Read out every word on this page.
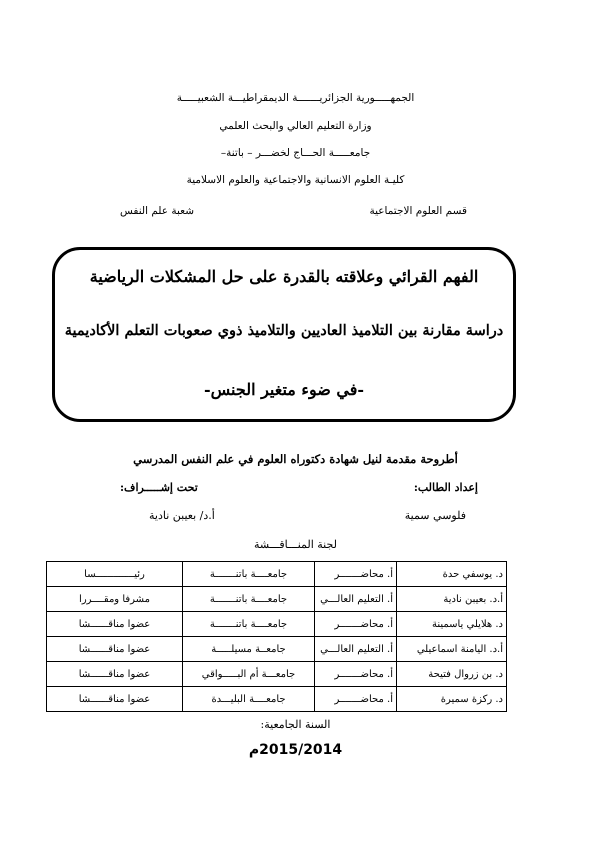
الجمهـــــورية الجزائريـــــــة الديمقراطيـــة الشعبيـــــة
وزارة التعليم العالي والبحث العلمي
جامعـــــة الحـــاج لخضـــر – باتنة–
كليـة العلوم الانسانية والاجتماعية والعلوم الاسلامية
قسم العلوم الاجتماعية
شعبة علم النفس
الفهم القرائي وعلاقته بالقدرة على حل المشكلات الرياضية
دراسة مقارنة بين التلاميذ العاديين والتلاميذ ذوي صعوبات التعلم الأكاديمية
-في ضوء متغير الجنس-
أطروحة مقدمة لنيل شهادة دكتوراه العلوم في علم النفس المدرسي
إعداد الطالب:
تحت إشـــــراف:
فلوسي سمية
أ.د/ بعيبن نادية
لجنة المنـــاقـــشة
د. يوسفي حدة	أ. محاضـــــــر	جامعــــة باتنـــــــة	رئيـــــــــــــسا
أ.د. بعيبن نادية	أ. التعليم العالـــي	جامعــــة باتنـــــــة	مشرفا ومقــــررا
د. هلايلي ياسمينة	أ. محاضـــــــر	جامعــــة باتنـــــــة	عضوا مناقــــــشا
أ.د. اليامنة اسماعيلي	أ. التعليم العالـــي	جامعــة مسيلـــــة	عضوا مناقــــــشا
د. بن زروال فتيحة	أ. محاضـــــــر	جامعـــة أم البـــــواقي	عضوا مناقــــــشا
د. ركزة سميرة	أ. محاضـــــــر	جامعــــة البليـــدة	عضوا مناقــــــشا
السنة الجامعية:
2015/2014م
